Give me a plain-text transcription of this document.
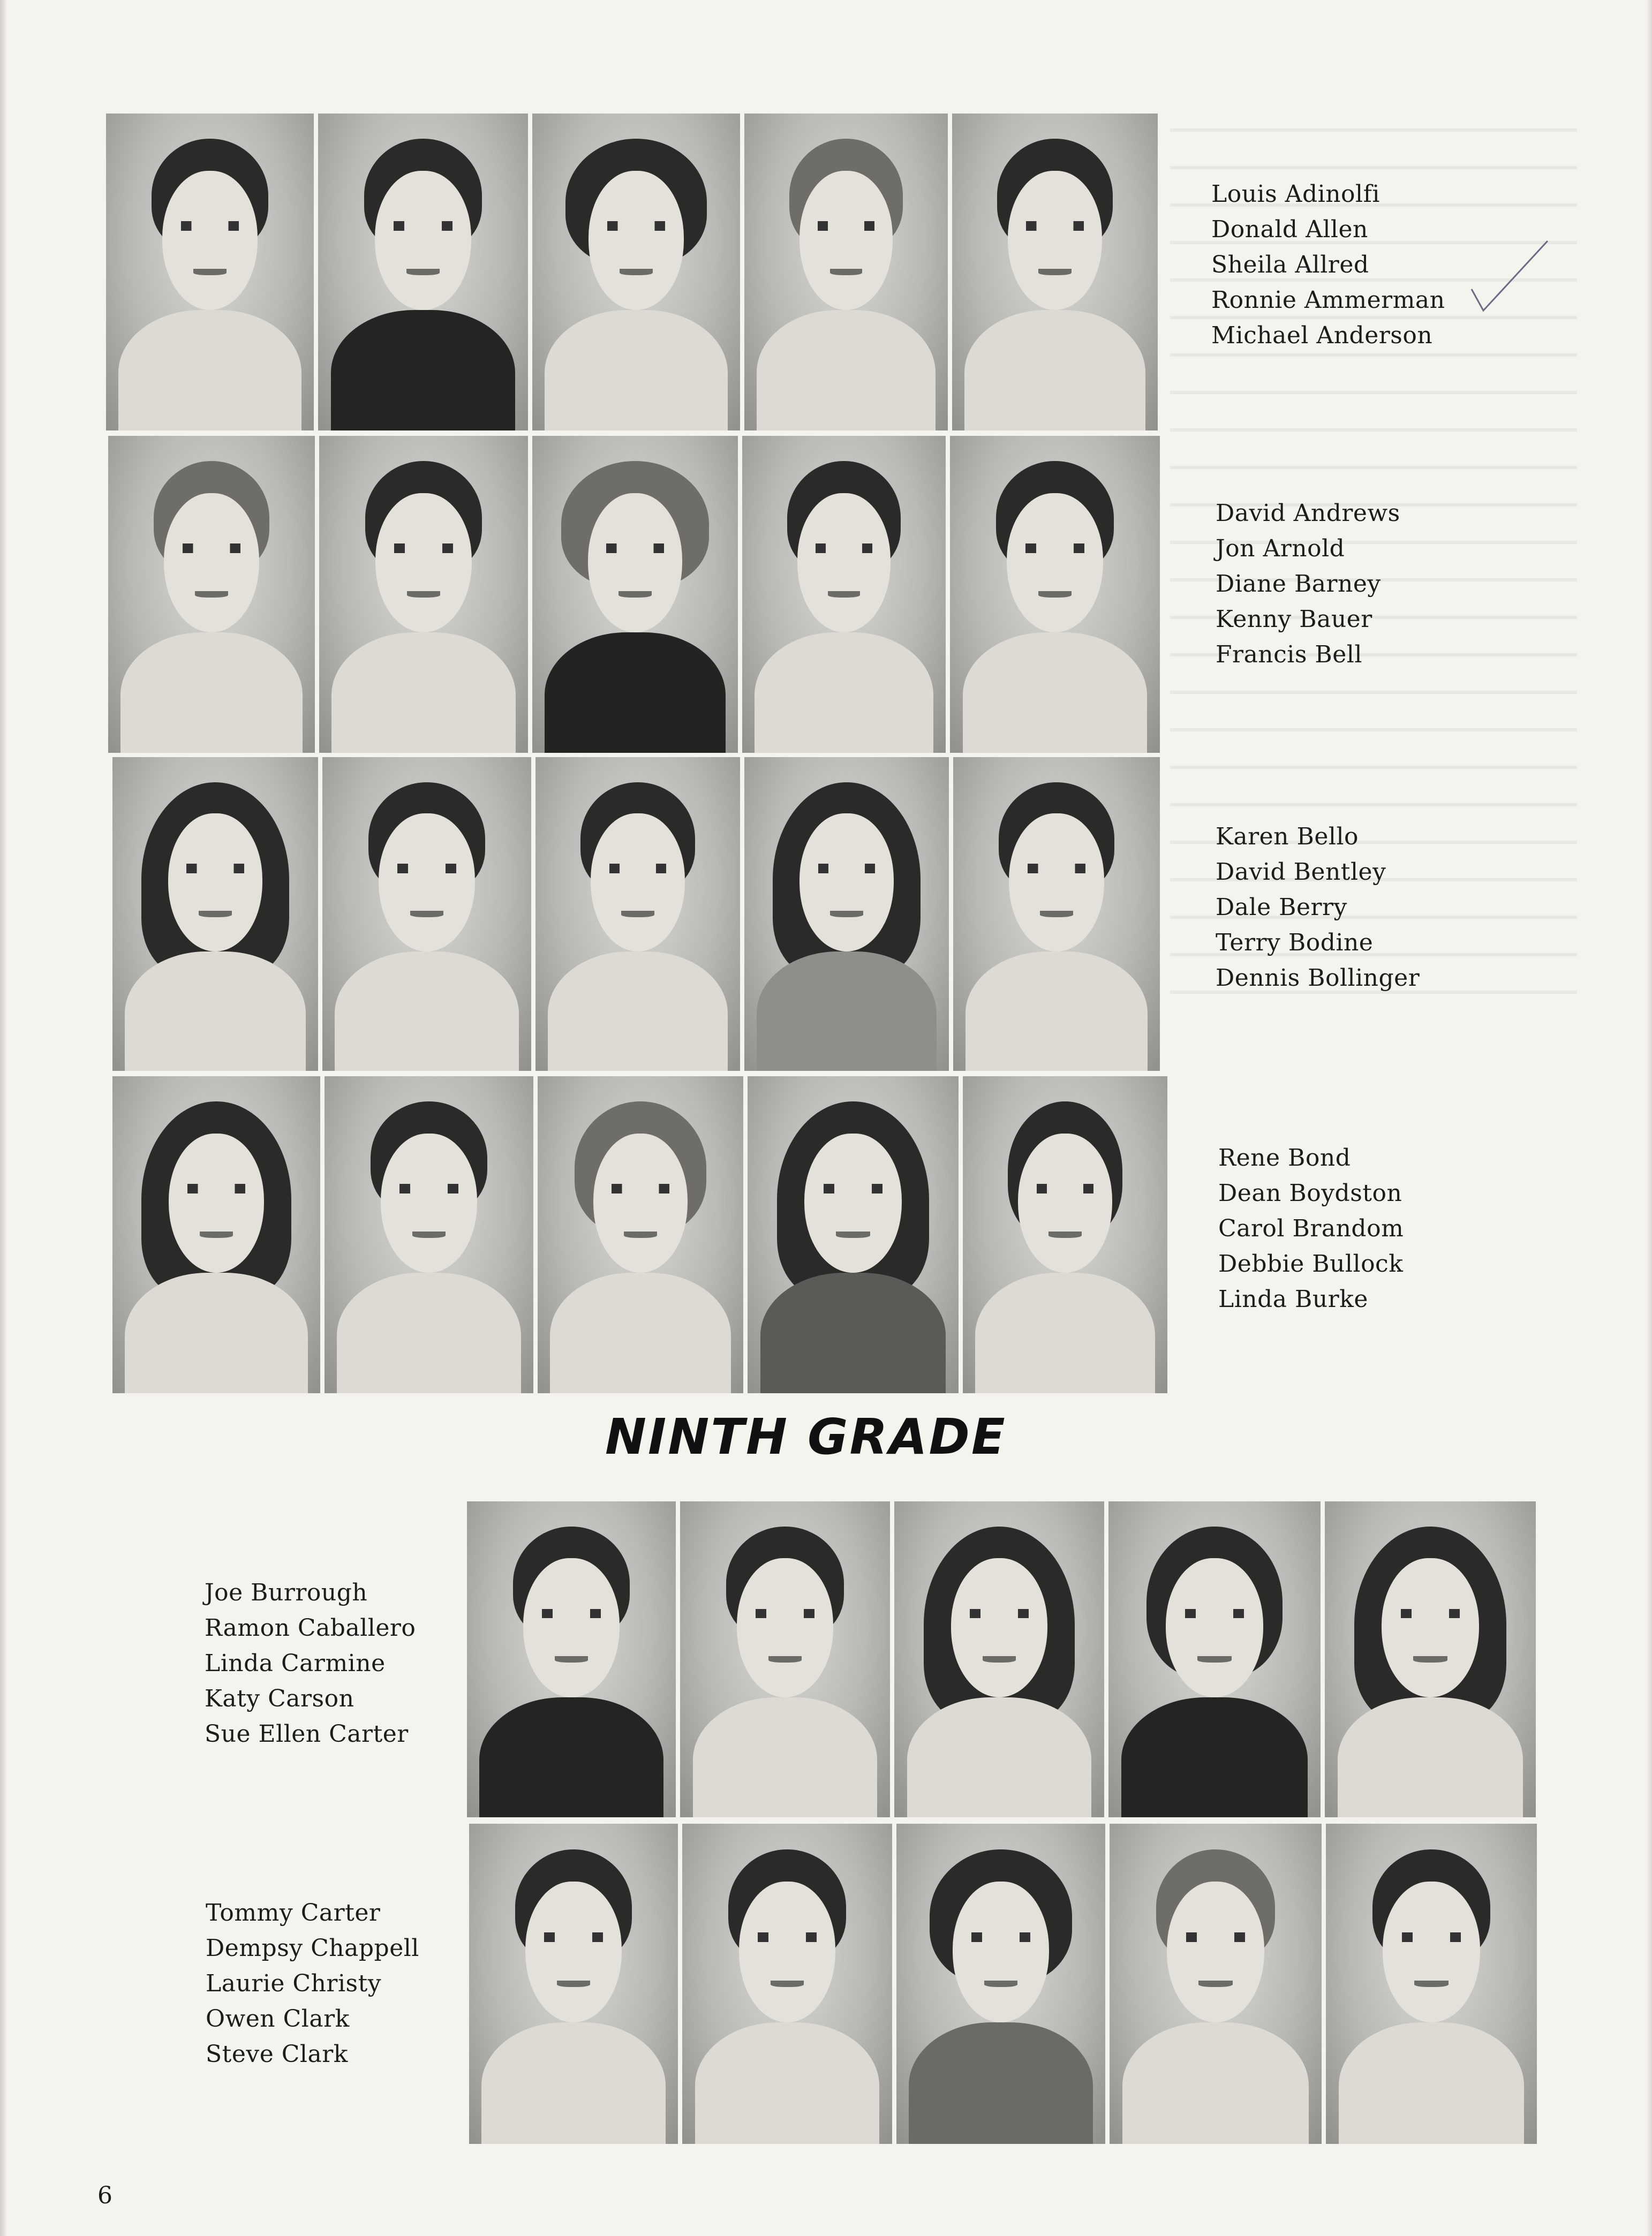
Louis Adinolfi
Donald Allen
Sheila Allred
Ronnie Ammerman
Michael Anderson
David Andrews
Jon Arnold
Diane Barney
Kenny Bauer
Francis Bell
Karen Bello
David Bentley
Dale Berry
Terry Bodine
Dennis Bollinger
Rene Bond
Dean Boydston
Carol Brandom
Debbie Bullock
Linda Burke
NINTH GRADE
Joe Burrough
Ramon Caballero
Linda Carmine
Katy Carson
Sue Ellen Carter
Tommy Carter
Dempsy Chappell
Laurie Christy
Owen Clark
Steve Clark
6
